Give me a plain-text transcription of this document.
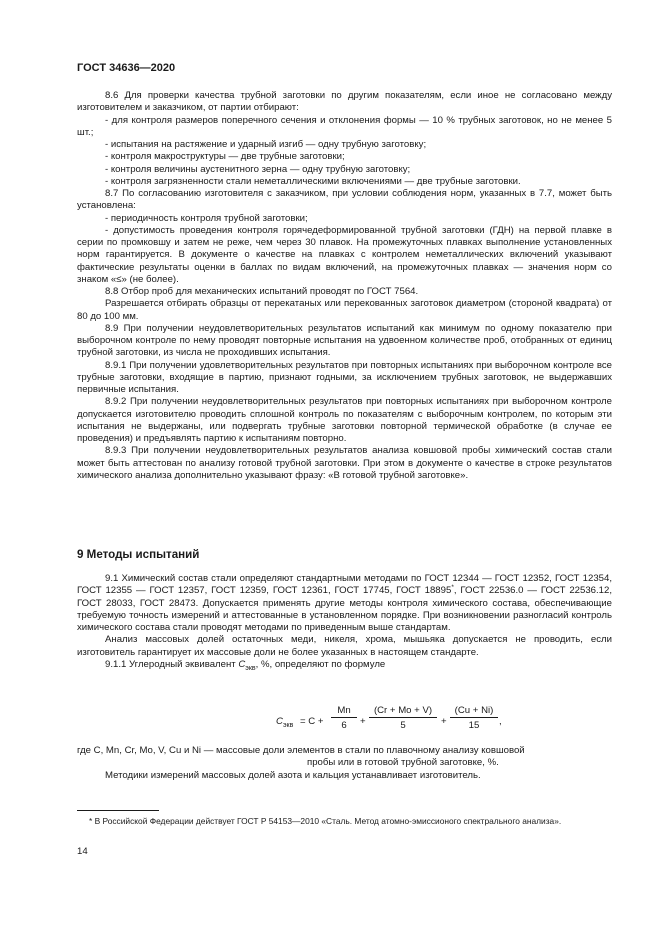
ГОСТ 34636—2020

8.6 Для проверки качества трубной заготовки по другим показателям, если иное не согласовано между изготовителем и заказчиком, от партии отбирают:

- для контроля размеров поперечного сечения и отклонения формы — 10 % трубных заготовок, но не менее 5 шт.;

- испытания на растяжение и ударный изгиб — одну трубную заготовку;

- контроля макроструктуры — две трубные заготовки;

- контроля величины аустенитного зерна — одну трубную заготовку;

- контроля загрязненности стали неметаллическими включениями — две трубные заготовки.

8.7 По согласованию изготовителя с заказчиком, при условии соблюдения норм, указанных в 7.7, может быть установлена:

- периодичность контроля трубной заготовки;

- допустимость проведения контроля горячедеформированной трубной заготовки (ГДН) на первой плавке в серии по промковшу и затем не реже, чем через 30 плавок. На промежуточных плавках выполнение установленных норм гарантируется. В документе о качестве на плавках с контролем неметаллических включений указывают фактические результаты оценки в баллах по видам включений, на промежуточных плавках — значения норм со знаком «≤» (не более).

8.8 Отбор проб для механических испытаний проводят по ГОСТ 7564.

Разрешается отбирать образцы от перекатаных или перекованных заготовок диаметром (стороной квадрата) от 80 до 100 мм.

8.9 При получении неудовлетворительных результатов испытаний как минимум по одному показателю при выборочном контроле по нему проводят повторные испытания на удвоенном количестве проб, отобранных от единиц трубной заготовки, из числа не проходивших испытания.

8.9.1 При получении удовлетворительных результатов при повторных испытаниях при выборочном контроле все трубные заготовки, входящие в партию, признают годными, за исключением трубных заготовок, не выдержавших первичные испытания.

8.9.2 При получении неудовлетворительных результатов при повторных испытаниях при выборочном контроле допускается изготовителю проводить сплошной контроль по показателям с выборочным контролем, по которым эти испытания не выдержаны, или подвергать трубные заготовки повторной термической обработке (в случае ее проведения) и предъявлять партию к испытаниям повторно.

8.9.3 При получении неудовлетворительных результатов анализа ковшовой пробы химический состав стали может быть аттестован по анализу готовой трубной заготовки. При этом в документе о качестве в строке результатов химического анализа дополнительно указывают фразу: «В готовой трубной заготовке».

9 Методы испытаний

9.1 Химический состав стали определяют стандартными методами по ГОСТ 12344 — ГОСТ 12352, ГОСТ 12354, ГОСТ 12355 — ГОСТ 12357, ГОСТ 12359, ГОСТ 12361, ГОСТ 17745, ГОСТ 18895*, ГОСТ 22536.0 — ГОСТ 22536.12, ГОСТ 28033, ГОСТ 28473. Допускается применять другие методы контроля химического состава, обеспечивающие требуемую точность измерений и аттестованные в установленном порядке. При возникновении разногласий контроль химического состава стали проводят методами по приведенным выше стандартам.

Анализ массовых долей остаточных меди, никеля, хрома, мышьяка допускается не проводить, если изготовитель гарантирует их массовые доли не более указанных в настоящем стандарте.

9.1.1 Углеродный эквивалент $C_{экв}$, %, определяют по формуле

$C_{экв} = C + \frac{Mn}{6} + \frac{(Cr + Mo + V)}{5} + \frac{(Cu + Ni)}{15}$ ,

где C, Mn, Cr, Mo, V, Cu и Ni — массовые доли элементов в стали по плавочному анализу ковшовой

пробы или в готовой трубной заготовке, %.

Методики измерений массовых долей азота и кальция устанавливает изготовитель.

* В Российской Федерации действует ГОСТ Р 54153—2010 «Сталь. Метод атомно-эмиссионого спектрального анализа».

14
